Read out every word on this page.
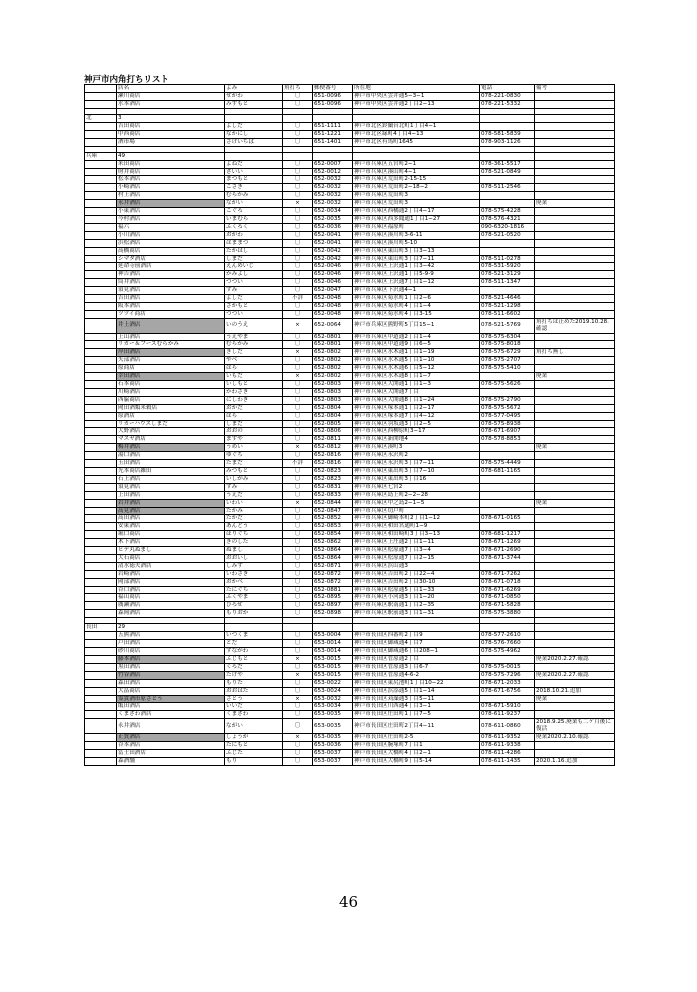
神戸市内角打ちリスト
	店名	よみ	角打ち	郵便番号	所在地	電話	備考
	瀬川商店	せがわ	〇	651-0096	神戸市中央区雲井通5−3−1	078-221-0830	
	水本酒店	みずもと	〇	651-0096	神戸市中央区雲井通2丁目2−13	078-221-5332	

北	3						
	吉田商店	よしだ	〇	651-1111	神戸市北区鈴蘭台北町1丁目4−1		
	中西商店	なかにし	〇	651-1221	神戸市北区緑町4丁目4−13	078-581-5839	
	酒市場	さけいちば	〇	651-1401	神戸市北区有馬町1645	078-903-1126	

兵庫	49						
	米田商店	よねだ	〇	652-0007	神戸市兵庫区五宮町2−1	078-361-5517	
	財井商店	ざいい	〇	652-0012	神戸市兵庫区湊山町4−1	078-521-0849	
	松本酒店	まつもと	〇	652-0032	神戸市兵庫区荒田町2-15-15		
	小崎酒店	こさき	〇	652-0032	神戸市兵庫区荒田町2−18−2	078-511-2546	
	村上酒店	むらかみ	〇	652-0032	神戸市兵庫区荒田町3		
	永井酒店	ながい	×	652-0032	神戸市兵庫区荒田町3		廃業
	小東酒店	こぐろ	〇	652-0034	神戸市兵庫区西橘通2丁目4−17	078-575-4228	
	今村酒店	いまむら	〇	652-0035	神戸市兵庫区西多聞通1丁目1−27	078-576-4321	
	福六	ふくろく	〇	652-0036	神戸市兵庫区福原町	090-6320-1816	
	小川酒店	おがわ	〇	652-0041	神戸市兵庫区湊川町3-6-11	078-521-0520	
	浜松酒店	はままつ	〇	652-0041	神戸市兵庫区湊川町5-10		
	高橋商店	たかはし	〇	652-0042	神戸市兵庫区東山町3丁目3−13		
	シマダ酒店	しまだ	〇	652-0042	神戸市兵庫区東山町3丁目7−11	078-511-0278	
	延命寺前酒店	えんめいじ	〇	652-0046	神戸市兵庫区上沢通1丁目3−42	078-531-5920	
	神吉酒店	かみよし	〇	652-0046	神戸市兵庫区上沢通1丁目5-9-9	078-521-3129	
	筒井酒店	つつい	〇	652-0046	神戸市兵庫区上沢通7丁目1−12	078-511-1347	
	須見酒店	すみ	〇	652-0047	神戸市兵庫区下沢通4−1		
	吉田酒店	よしだ	不詳	652-0048	神戸市兵庫区菊水町1丁目2−6	078-521-4646	
	阪本酒店	さかもと	〇	652-0048	神戸市兵庫区菊水町4丁目1−4	078-521-1298	
	ツツイ商店	つつい	〇	652-0048	神戸市兵庫区菊水町4丁目3-15	078-511-6602	
	井上酒店	いのうえ	×	652-0064	神戸市兵庫区熊野町5丁目15−1	078-521-5769	角打ちは止めた2019.10.28.確認
	上山酒店	うえやま	〇	652-0801	神戸市兵庫区中道通2丁目1−4	078-575-6304	
	リカー＆フーズむらかみ	むらかみ	〇	652-0801	神戸市兵庫区中道通9丁目6−5	078-575-8018	
	岸田酒店	きしだ	×	652-0802	神戸市兵庫区水木通1丁目1−19	078-575-6729	角打ち無し
	矢部酒店	やべ	〇	652-0802	神戸市兵庫区水木通5丁目1−10	078-575-2707	
	原商店	はら	〇	652-0802	神戸市兵庫区水木通6丁目5−12	078-575-5410	
	幸田酒店	いもだ	×	652-0802	神戸市兵庫区水木通8丁目1−7		廃業
	石本商店	いしもと	〇	652-0803	神戸市兵庫区大開通1丁目1−3	078-575-5626	
	川崎酒店	かわさき	〇	652-0803	神戸市兵庫区大開通7丁目		
	西脇商店	にしわき	〇	652-0803	神戸市兵庫区大開通8丁目1−24	078-575-2790	
	岡田酒類米穀店	おかだ	〇	652-0804	神戸市兵庫区塚本通1丁目2−17	078-575-5672	
	原酒店	はら	〇	652-0804	神戸市兵庫区塚本通7丁目4−12	078-577-0495	
	リカーハウスしまだ	しまだ	〇	652-0805	神戸市兵庫区羽坂通3丁目2−5	078-575-8938	
	大野酒店	おおの	〇	652-0806	神戸市兵庫区西柳原町3−17	078-671-6907	
	マスヤ酒店	ますや	〇	652-0811	神戸市兵庫区新開地4	078-578-8853	
	梅井酒店	うめい	×	652-0812	神戸市兵庫区湊町3		廃業
	湯口酒店	ゆぐち	〇	652-0816	神戸市兵庫区永沢町2		
	玉田酒店	たまだ	不詳	652-0816	神戸市兵庫区永沢町3丁目7−11	078-575-4449	
	光本商店雑田	みつもと	〇	652-0823	神戸市兵庫区東出町3丁目7−10	078-681-1165	
	石上酒店	いしがみ	〇	652-0823	神戸市兵庫区東出町3丁目16		
	須見酒店	すみ	〇	652-0831	神戸市兵庫区七宮2		
	上田酒店	うえだ	〇	652-0833	神戸市兵庫区島上町2−2−28		
	岩井酒店	いわい	×	652-0844	神戸市兵庫区中之島2−1−5		廃業
	高見酒店	たかみ	〇	652-0847	神戸市兵庫区切戸町		
	高田酒店	たかだ	〇	652-0852	神戸市兵庫区御崎本町2丁目1−12	078-671-0165	
	安東酒店	あんどう	〇	652-0853	神戸市兵庫区和田宮通町1−9		
	堀口商店	ほりぐち	〇	652-0854	神戸市兵庫区和田崎町3丁目3−13	078-681-1217	
	木下酒店	きのした	〇	652-0862	神戸市兵庫区上庄通2丁目1−11	078-671-1269	
	ヒデ丸ぬまし	ぬまし	〇	652-0864	神戸市兵庫区松原通7丁目3−4	078-671-2690	
	大石商店	おおいし	〇	652-0864	神戸市兵庫区松原通7丁目2−15	078-671-3744	
	清水徳夫酒店	しみず	〇	652-0871	神戸市兵庫区浜山通3		
	岩崎酒店	いわさき	〇	652-0872	神戸市兵庫区吉田町2丁目22−4	078-671-7262	
	岡部酒店	おかべ	〇	652-0872	神戸市兵庫区吉田町2丁目30-10	078-671-0718	
	谷口酒店	たにぐち	〇	652-0881	神戸市兵庫区松原通5丁目1−33	078-671-6269	
	福山商店	ふくやま	〇	652-0895	神戸市兵庫区小河通3丁目1−20	078-671-0850	
	廣瀬酒店	ひろせ	〇	652-0897	神戸市兵庫区駅南通1丁目2−35	078-671-5828	
	森岡酒店	もりおか	〇	652-0898	神戸市兵庫区駅前通3丁目1−31	078-575-3880	

長田	29						
	五熊酒店	いつくま	〇	653-0004	神戸市長田区四番町2丁目9	078-577-2610	
	戸田酒店	とだ	〇	653-0014	神戸市長田区御蔵通4丁目7	078-576-7660	
	砂川商店	すながわ	〇	653-0014	神戸市長田区御蔵通6丁目208−1	078-575-4962	
	藤本酒店	ふじもと	×	653-0015	神戸市長田区菅原通2丁目		廃業2020.2.27.確認
	黒田酒店	くろだ	〇	653-0015	神戸市長田区菅原通3丁目6-7	078-575-0015	
	竹谷酒店	たけや	×	653-0015	神戸市長田区菅原通4-6-2	078-575-7296	廃業2020.2.27.確認
	森田酒店	もりた	〇	653-0022	神戸市長田区東尻池町1丁目10−22	078-671-2033	
	大畠商店	おおはた	〇	653-0024	神戸市長田区浜添通5丁目1−14	078-671-6756	2018.10.21.追加
	霊貴酒市原さとう	さとう	×	653-0032	神戸市長田区苅藻通3丁目5−11		廃業
	飯田酒店	いいだ	〇	653-0034	神戸市長田区川西通4丁目3−1	078-671-5910	
	くまざわ酒店	くまざわ	〇	653-0035	神戸市長田区庄田町1丁目7−5	078-611-9237	
	永井酒店	ながい	〇	653-0035	神戸市長田区庄田町2丁目4−11	078-611-0860	2018.9.25.廃業も二ケ月後に復活
	正賀酒店	しょうが	×	653-0035	神戸市長田区庄田町2-5	078-611-9352	廃業2020.2.10.確認
	谷本酒店	たにもと	〇	653-0036	神戸市長田区腕塚町7丁目1	078-611-9338	
	冨士田酒店	ふじた	〇	653-0037	神戸市長田区大橋町4丁目2−1	078-611-4286	
	森酒舗	もり	〇	653-0037	神戸市長田区大橋町9丁目5-14	078-611-1435	2020.1.16.追加
46
